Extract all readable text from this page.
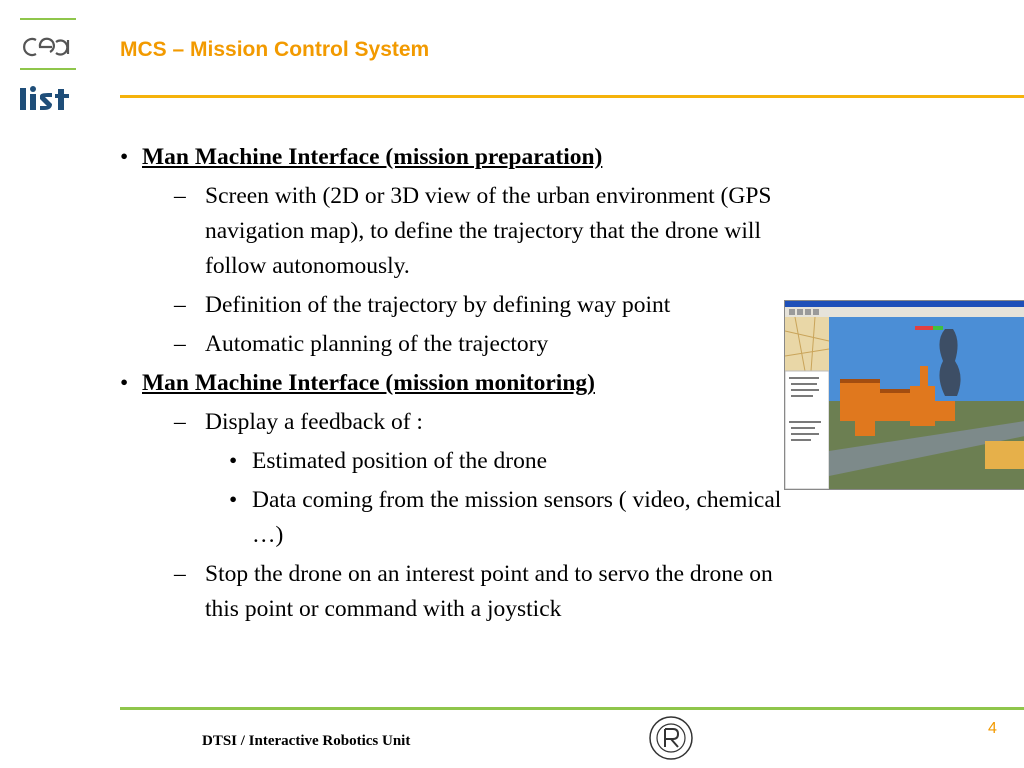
MCS – Mission Control System
• Man Machine Interface (mission preparation)
– Screen with (2D or 3D view of the urban environment (GPS navigation map), to define the trajectory that the drone will follow autonomously.
– Definition of the trajectory by defining way point
– Automatic planning of the trajectory
• Man Machine Interface (mission monitoring)
– Display a feedback of :
• Estimated position of the drone
• Data coming from the mission sensors ( video, chemical …)
– Stop the drone on an interest point and to servo the drone on this point or command with a joystick
DTSI / Interactive Robotics Unit
4
